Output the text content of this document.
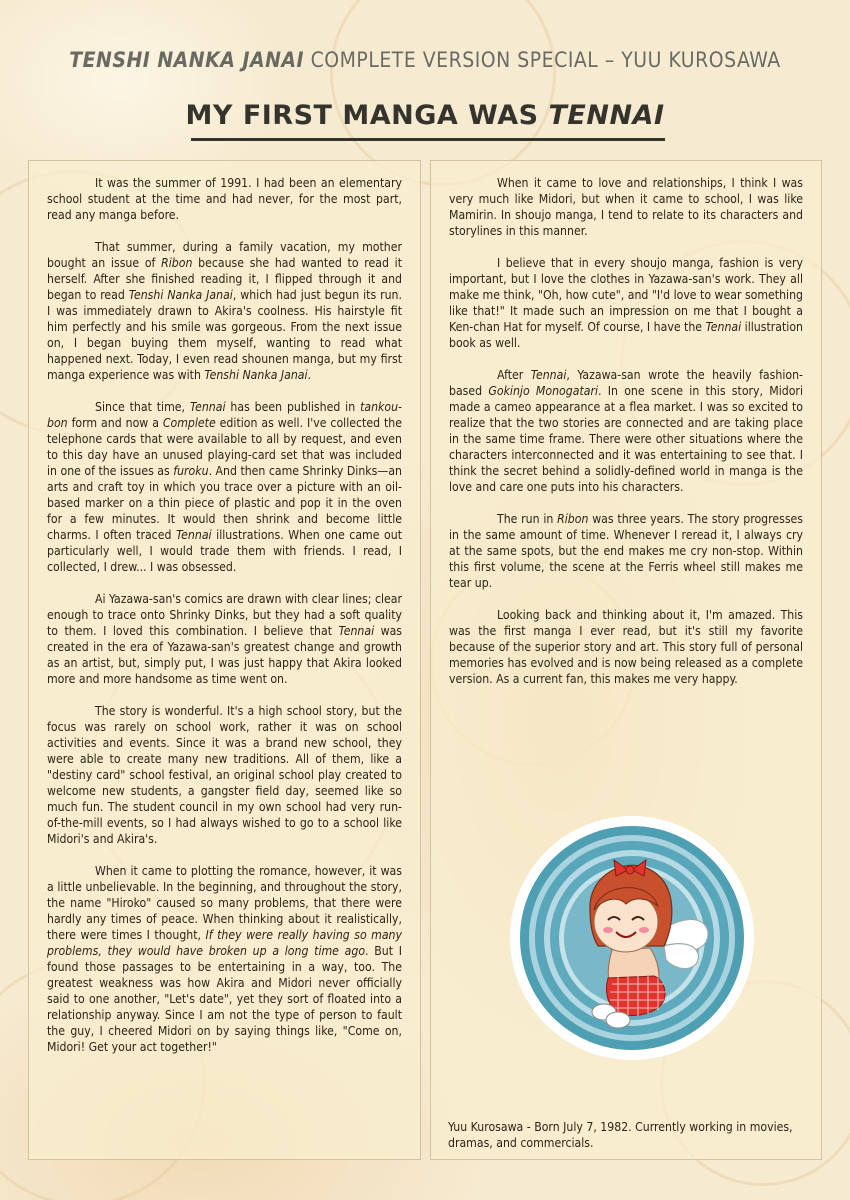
TENSHI NANKA JANAI COMPLETE VERSION SPECIAL – YUU KUROSAWA
MY FIRST MANGA WAS TENNAI

It was the summer of 1991. I had been an elementary school student at the time and had never, for the most part, read any manga before.

That summer, during a family vacation, my mother bought an issue of Ribon because she had wanted to read it herself. After she finished reading it, I flipped through it and began to read Tenshi Nanka Janai, which had just begun its run. I was immediately drawn to Akira's coolness. His hairstyle fit him perfectly and his smile was gorgeous. From the next issue on, I began buying them myself, wanting to read what happened next. Today, I even read shounen manga, but my first manga experience was with Tenshi Nanka Janai.

Since that time, Tennai has been published in tankou-bon form and now a Complete edition as well. I've collected the telephone cards that were available to all by request, and even to this day have an unused playing-card set that was included in one of the issues as furoku. And then came Shrinky Dinks—an arts and craft toy in which you trace over a picture with an oil-based marker on a thin piece of plastic and pop it in the oven for a few minutes. It would then shrink and become little charms. I often traced Tennai illustrations. When one came out particularly well, I would trade them with friends. I read, I collected, I drew... I was obsessed.

Ai Yazawa-san's comics are drawn with clear lines; clear enough to trace onto Shrinky Dinks, but they had a soft quality to them. I loved this combination. I believe that Tennai was created in the era of Yazawa-san's greatest change and growth as an artist, but, simply put, I was just happy that Akira looked more and more handsome as time went on.

The story is wonderful. It's a high school story, but the focus was rarely on school work, rather it was on school activities and events. Since it was a brand new school, they were able to create many new traditions. All of them, like a "destiny card" school festival, an original school play created to welcome new students, a gangster field day, seemed like so much fun. The student council in my own school had very run-of-the-mill events, so I had always wished to go to a school like Midori's and Akira's.

When it came to plotting the romance, however, it was a little unbelievable. In the beginning, and throughout the story, the name "Hiroko" caused so many problems, that there were hardly any times of peace. When thinking about it realistically, there were times I thought, If they were really having so many problems, they would have broken up a long time ago. But I found those passages to be entertaining in a way, too. The greatest weakness was how Akira and Midori never officially said to one another, "Let's date", yet they sort of floated into a relationship anyway. Since I am not the type of person to fault the guy, I cheered Midori on by saying things like, "Come on, Midori! Get your act together!"

When it came to love and relationships, I think I was very much like Midori, but when it came to school, I was like Mamirin. In shoujo manga, I tend to relate to its characters and storylines in this manner.

I believe that in every shoujo manga, fashion is very important, but I love the clothes in Yazawa-san's work. They all make me think, "Oh, how cute", and "I'd love to wear something like that!" It made such an impression on me that I bought a Ken-chan Hat for myself. Of course, I have the Tennai illustration book as well.

After Tennai, Yazawa-san wrote the heavily fashion-based Gokinjo Monogatari. In one scene in this story, Midori made a cameo appearance at a flea market. I was so excited to realize that the two stories are connected and are taking place in the same time frame. There were other situations where the characters interconnected and it was entertaining to see that. I think the secret behind a solidly-defined world in manga is the love and care one puts into his characters.

The run in Ribon was three years. The story progresses in the same amount of time. Whenever I reread it, I always cry at the same spots, but the end makes me cry non-stop. Within this first volume, the scene at the Ferris wheel still makes me tear up.

Looking back and thinking about it, I'm amazed. This was the first manga I ever read, but it's still my favorite because of the superior story and art. This story full of personal memories has evolved and is now being released as a complete version. As a current fan, this makes me very happy.

Yuu Kurosawa - Born July 7, 1982. Currently working in movies, dramas, and commercials.
